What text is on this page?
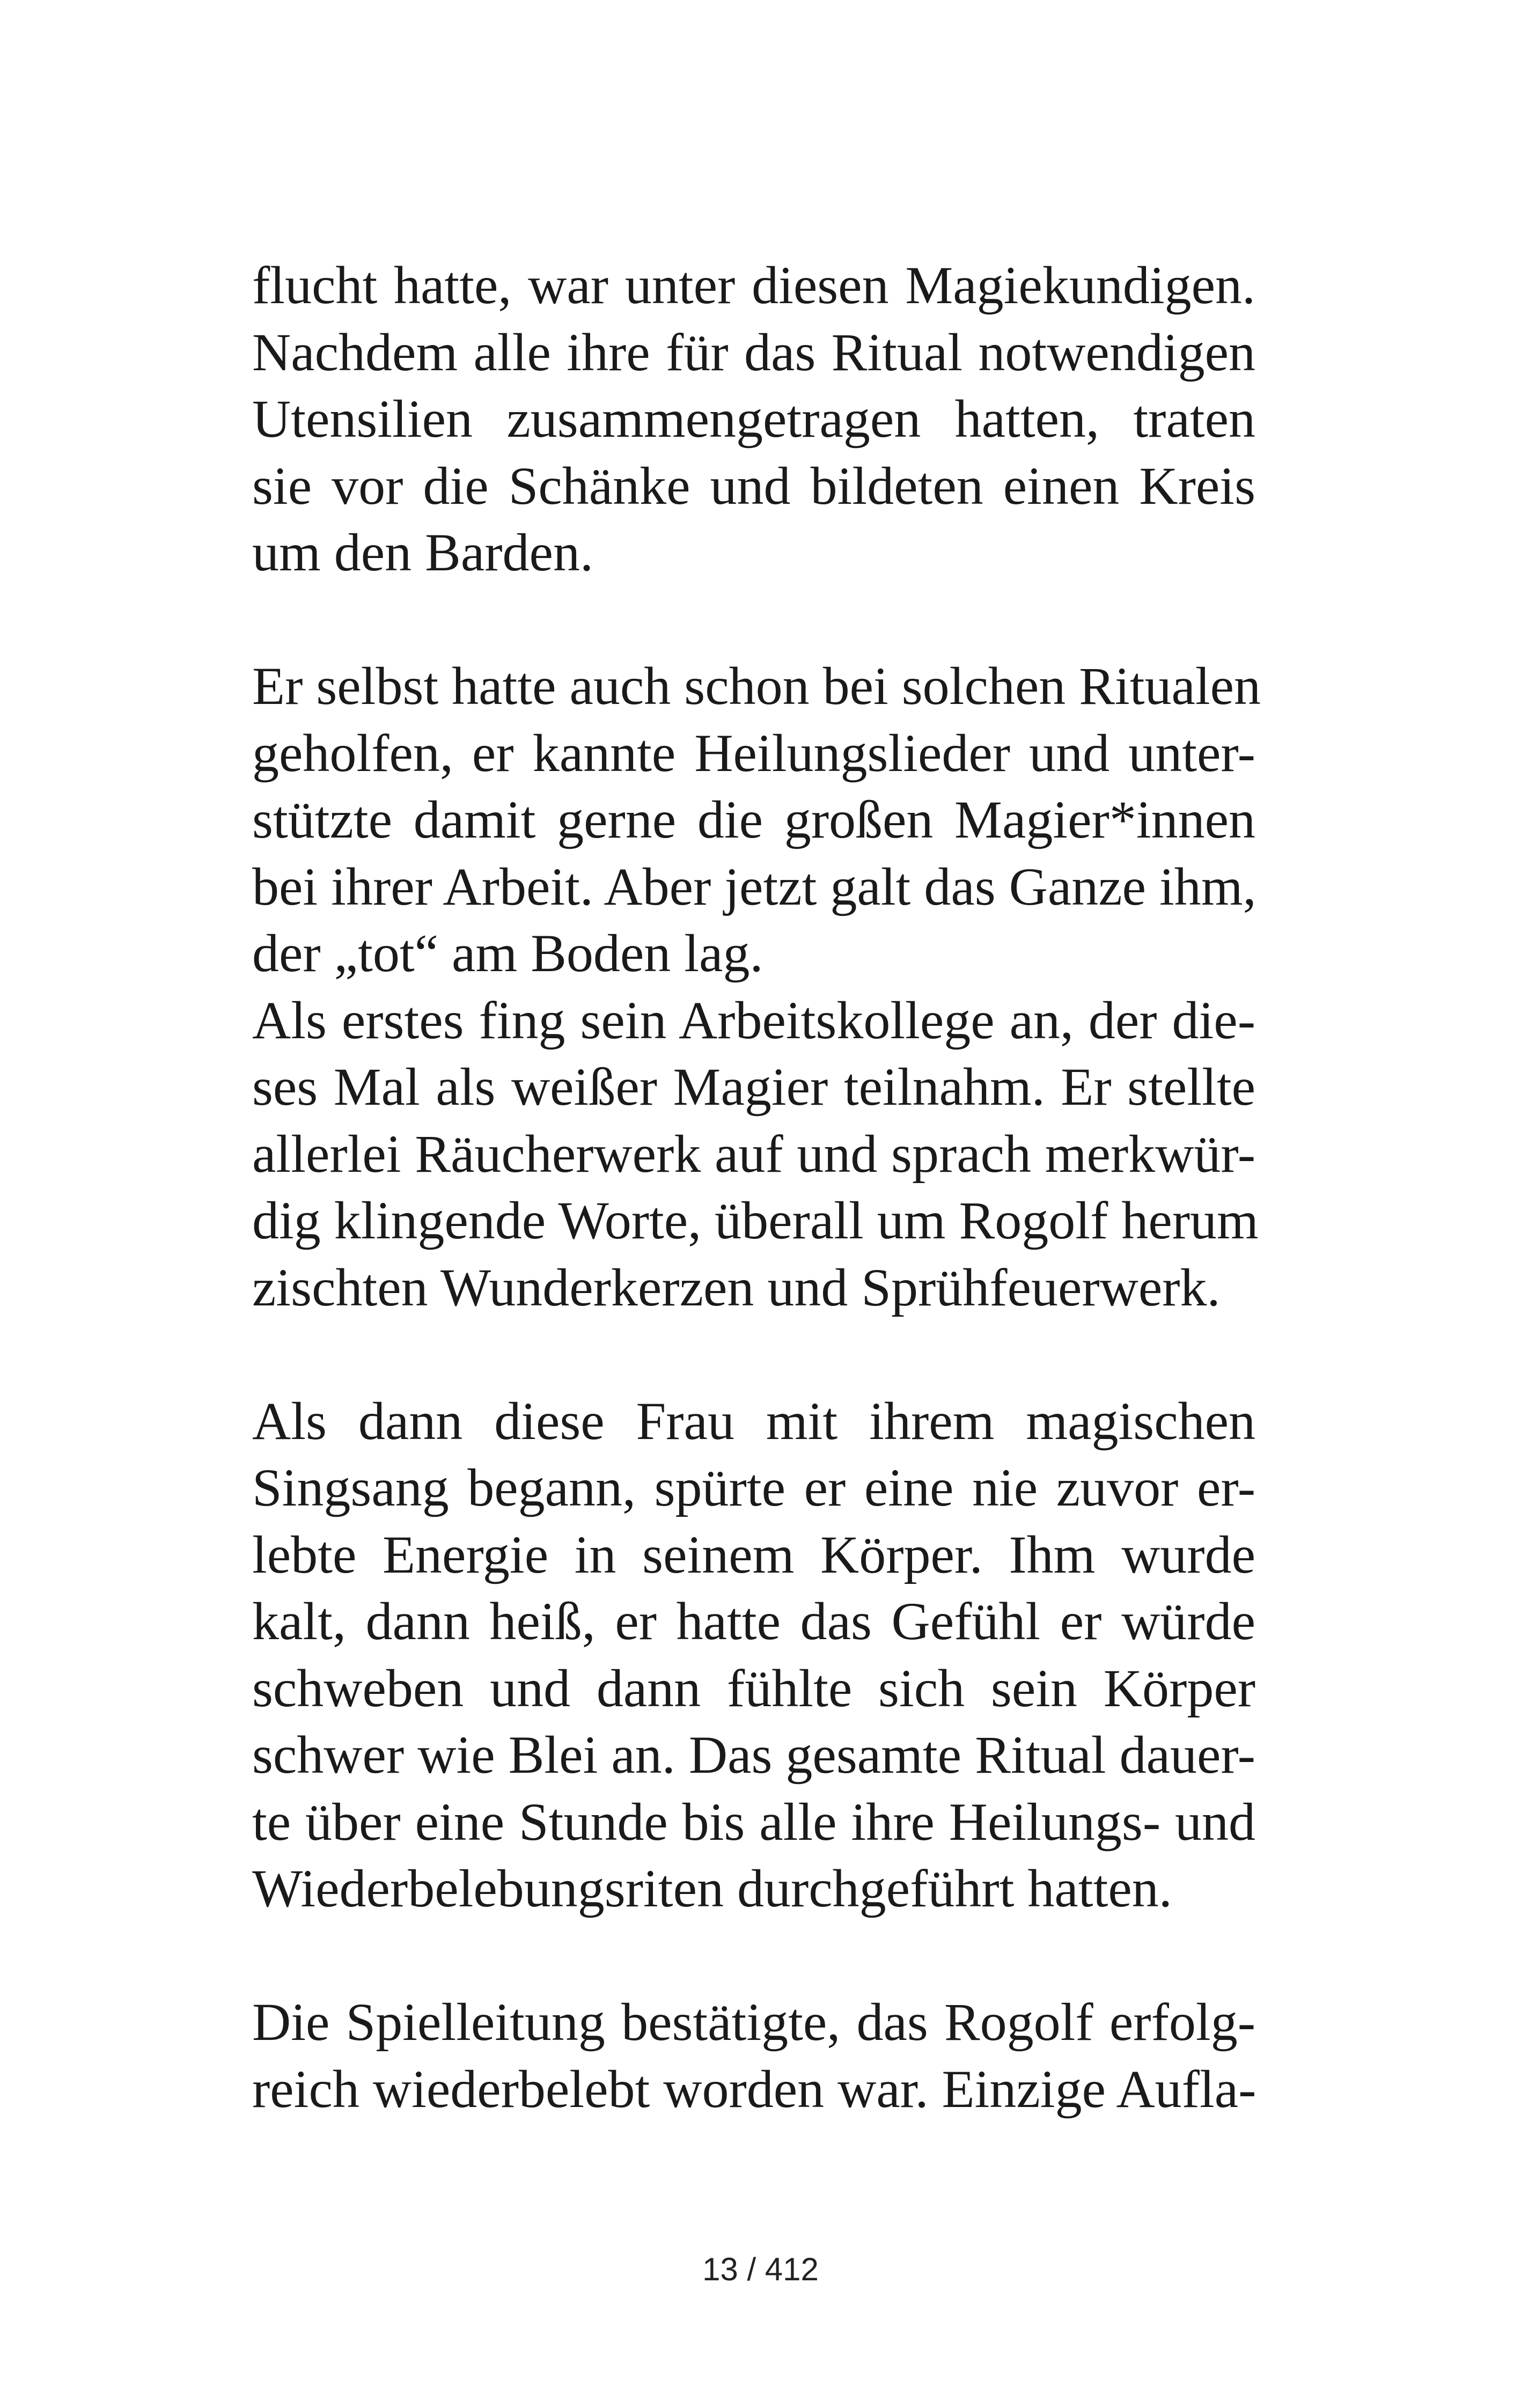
flucht hatte, war unter diesen Magiekundigen.
Nachdem alle ihre für das Ritual notwendigen
Utensilien zusammengetragen hatten, traten
sie vor die Schänke und bildeten einen Kreis
um den Barden.
Er selbst hatte auch schon bei solchen Ritualen
geholfen, er kannte Heilungslieder und unter-
stützte damit gerne die großen Magier*innen
bei ihrer Arbeit. Aber jetzt galt das Ganze ihm,
der „tot“ am Boden lag.
Als erstes fing sein Arbeitskollege an, der die-
ses Mal als weißer Magier teilnahm. Er stellte
allerlei Räucherwerk auf und sprach merkwür-
dig klingende Worte, überall um Rogolf herum
zischten Wunderkerzen und Sprühfeuerwerk.
Als dann diese Frau mit ihrem magischen
Singsang begann, spürte er eine nie zuvor er-
lebte Energie in seinem Körper. Ihm wurde
kalt, dann heiß, er hatte das Gefühl er würde
schweben und dann fühlte sich sein Körper
schwer wie Blei an. Das gesamte Ritual dauer-
te über eine Stunde bis alle ihre Heilungs- und
Wiederbelebungsriten durchgeführt hatten.
Die Spielleitung bestätigte, das Rogolf erfolg-
reich wiederbelebt worden war. Einzige Aufla-
13 / 412
